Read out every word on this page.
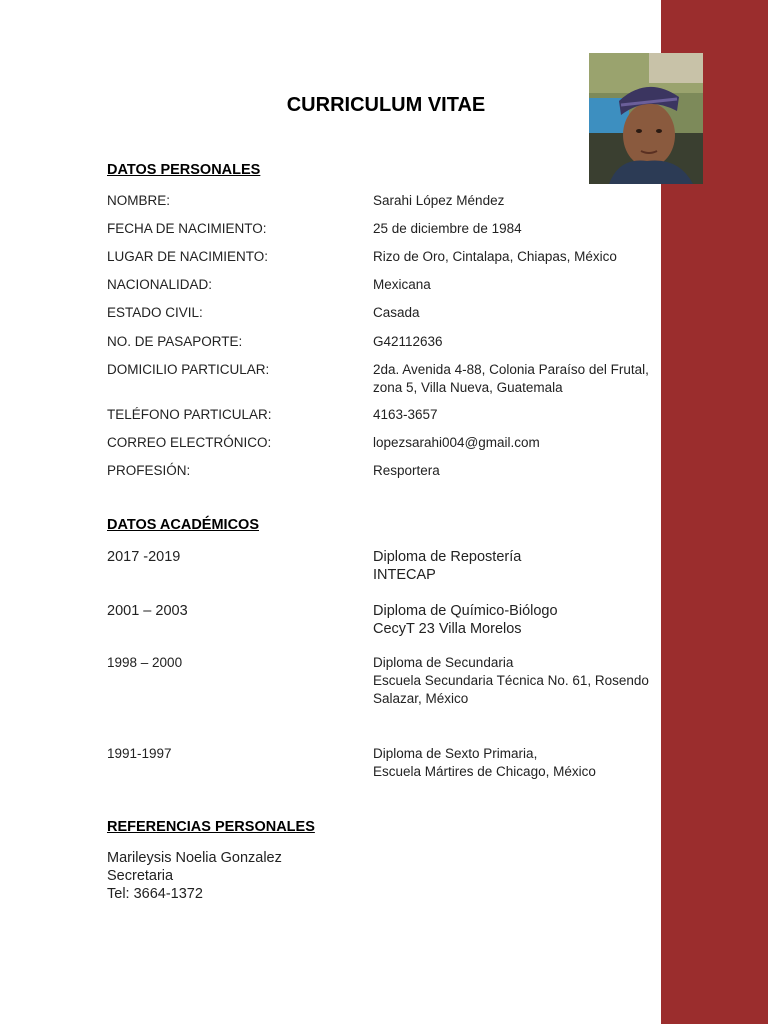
CURRICULUM VITAE
DATOS PERSONALES
NOMBRE:	Sarahi López Méndez
FECHA DE NACIMIENTO:	25 de diciembre de 1984
LUGAR DE NACIMIENTO:	Rizo de Oro, Cintalapa, Chiapas, México
NACIONALIDAD:	Mexicana
ESTADO CIVIL:	Casada
NO. DE PASAPORTE:	G42112636
DOMICILIO PARTICULAR:	2da. Avenida 4-88, Colonia Paraíso del Frutal,
zona 5, Villa Nueva, Guatemala
TELÉFONO PARTICULAR:	4163-3657
CORREO ELECTRÓNICO:	lopezsarahi004@gmail.com
PROFESIÓN:	Resportera
DATOS ACADÉMICOS
2017 -2019	Diploma de Repostería
INTECAP
2001 – 2003	Diploma de Químico-Biólogo
CecyT 23 Villa Morelos
1998 – 2000	Diploma de Secundaria
Escuela Secundaria Técnica No. 61, Rosendo
Salazar, México
1991-1997	Diploma de Sexto Primaria,
Escuela Mártires de Chicago, México
REFERENCIAS PERSONALES
Marileysis Noelia Gonzalez
Secretaria
Tel: 3664-1372
